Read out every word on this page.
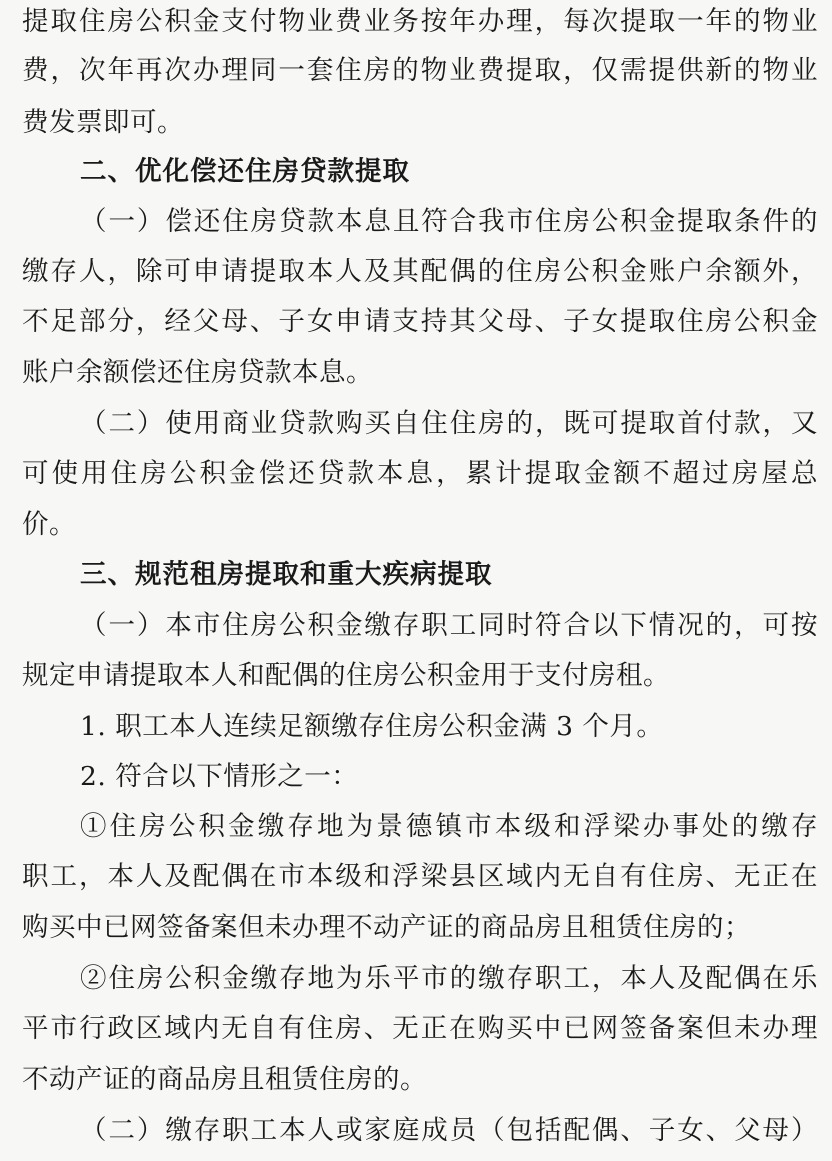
提取住房公积金支付物业费业务按年办理，每次提取一年的物业
费，次年再次办理同一套住房的物业费提取，仅需提供新的物业
费发票即可。
二、优化偿还住房贷款提取
（一）偿还住房贷款本息且符合我市住房公积金提取条件的
缴存人，除可申请提取本人及其配偶的住房公积金账户余额外，
不足部分，经父母、子女申请支持其父母、子女提取住房公积金
账户余额偿还住房贷款本息。
（二）使用商业贷款购买自住住房的，既可提取首付款，又
可使用住房公积金偿还贷款本息，累计提取金额不超过房屋总
价。
三、规范租房提取和重大疾病提取
（一）本市住房公积金缴存职工同时符合以下情况的，可按
规定申请提取本人和配偶的住房公积金用于支付房租。
1. 职工本人连续足额缴存住房公积金满 3 个月。
2. 符合以下情形之一：
①住房公积金缴存地为景德镇市本级和浮梁办事处的缴存
职工，本人及配偶在市本级和浮梁县区域内无自有住房、无正在
购买中已网签备案但未办理不动产证的商品房且租赁住房的；
②住房公积金缴存地为乐平市的缴存职工，本人及配偶在乐
平市行政区域内无自有住房、无正在购买中已网签备案但未办理
不动产证的商品房且租赁住房的。
（二）缴存职工本人或家庭成员（包括配偶、子女、父母）
